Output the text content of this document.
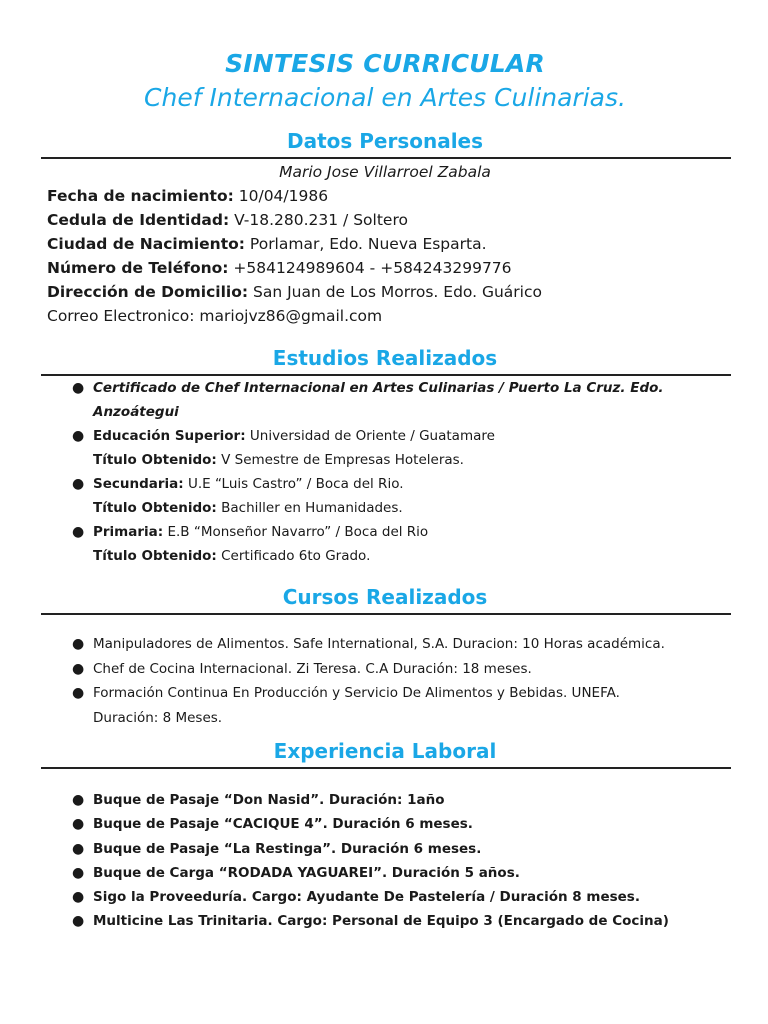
SINTESIS CURRICULAR
Chef Internacional en Artes Culinarias.
Datos Personales
Mario Jose Villarroel Zabala
Fecha de nacimiento: 10/04/1986
Cedula de Identidad: V-18.280.231 / Soltero
Ciudad de Nacimiento: Porlamar, Edo. Nueva Esparta.
Número de Teléfono: +584124989604 - +584243299776
Dirección de Domicilio: San Juan de Los Morros. Edo. Guárico
Correo Electronico: mariojvz86@gmail.com
Estudios Realizados
● Certificado de Chef Internacional en Artes Culinarias / Puerto La Cruz. Edo.
Anzoátegui
● Educación Superior: Universidad de Oriente / Guatamare
Título Obtenido: V Semestre de Empresas Hoteleras.
● Secundaria: U.E “Luis Castro” / Boca del Rio.
Título Obtenido: Bachiller en Humanidades.
● Primaria: E.B “Monseñor Navarro” / Boca del Rio
Título Obtenido: Certificado 6to Grado.
Cursos Realizados
● Manipuladores de Alimentos. Safe International, S.A. Duracion: 10 Horas académica.
● Chef de Cocina Internacional. Zi Teresa. C.A Duración: 18 meses.
● Formación Continua En Producción y Servicio De Alimentos y Bebidas. UNEFA.
Duración: 8 Meses.
Experiencia Laboral
● Buque de Pasaje “Don Nasid”. Duración: 1año
● Buque de Pasaje “CACIQUE 4”. Duración 6 meses.
● Buque de Pasaje “La Restinga”. Duración 6 meses.
● Buque de Carga “RODADA YAGUAREI”. Duración 5 años.
● Sigo la Proveeduría. Cargo: Ayudante De Pastelería / Duración 8 meses.
● Multicine Las Trinitaria. Cargo: Personal de Equipo 3 (Encargado de Cocina)
